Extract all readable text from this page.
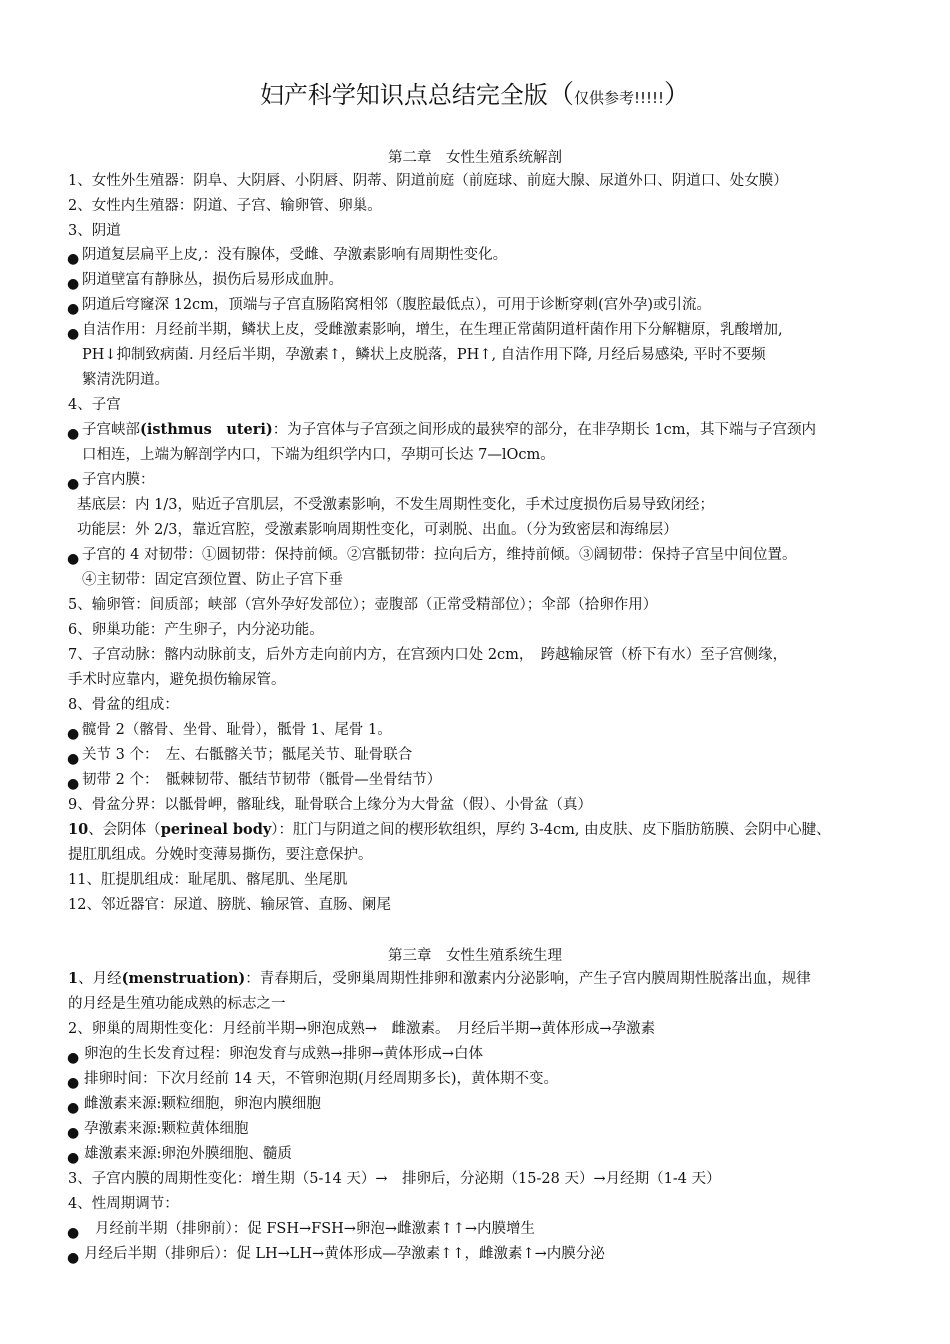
妇产科学知识点总结完全版（仅供参考!!!!!）
第二章　女性生殖系统解剖
1、女性外生殖器：阴阜、大阴唇、小阴唇、阴蒂、阴道前庭（前庭球、前庭大腺、尿道外口、阴道口、处女膜）
2、女性内生殖器：阴道、子宫、输卵管、卵巢。
3、阴道
● 阴道复层扁平上皮,：没有腺体，受雌、孕激素影响有周期性变化。
● 阴道壁富有静脉丛，损伤后易形成血肿。
● 阴道后穹窿深 12cm，顶端与子宫直肠陷窝相邻（腹腔最低点），可用于诊断穿刺(宫外孕)或引流。
● 自洁作用：月经前半期，鳞状上皮，受雌激素影响，增生，在生理正常菌阴道杆菌作用下分解糖原，乳酸增加,
PH↓抑制致病菌. 月经后半期，孕激素↑，鳞状上皮脱落，PH↑, 自洁作用下降, 月经后易感染, 平时不要频
繁清洗阴道。
4、子宫
● 子宫峡部(isthmus　uteri)：为子宫体与子宫颈之间形成的最狭窄的部分，在非孕期长 1cm，其下端与子宫颈内
口相连，上端为解剖学内口，下端为组织学内口，孕期可长达 7—lOcm。
● 子宫内膜：
基底层：内 1/3，贴近子宫肌层，不受激素影响，不发生周期性变化，手术过度损伤后易导致闭经；
功能层：外 2/3，靠近宫腔，受激素影响周期性变化，可剥脱、出血。（分为致密层和海绵层）
● 子宫的 4 对韧带：①圆韧带：保持前倾。②宫骶韧带：拉向后方，维持前倾。③阔韧带：保持子宫呈中间位置。
④主韧带：固定宫颈位置、防止子宫下垂
5、输卵管：间质部；峡部（宫外孕好发部位）；壶腹部（正常受精部位）；伞部（拾卵作用）
6、卵巢功能：产生卵子，内分泌功能。
7、子宫动脉：髂内动脉前支，后外方走向前内方，在宫颈内口处 2cm，　跨越输尿管（桥下有水）至子宫侧缘，
手术时应靠内，避免损伤输尿管。
8、骨盆的组成：
● 髋骨 2（髂骨、坐骨、耻骨），骶骨 1、尾骨 1。
● 关节 3 个：　左、右骶髂关节；骶尾关节、耻骨联合
● 韧带 2 个：　骶棘韧带、骶结节韧带（骶骨—坐骨结节）
9、骨盆分界：以骶骨岬，髂耻线，耻骨联合上缘分为大骨盆（假）、小骨盆（真）
10、会阴体（perineal body）：肛门与阴道之间的楔形软组织，厚约 3-4cm, 由皮肤、皮下脂肪筋膜、会阴中心腱、
提肛肌组成。分娩时变薄易撕伤，要注意保护。
11、肛提肌组成：耻尾肌、髂尾肌、坐尾肌
12、邻近器官：尿道、膀胱、输尿管、直肠、阑尾
第三章　女性生殖系统生理
1、月经(menstruation)：青春期后，受卵巢周期性排卵和激素内分泌影响，产生子宫内膜周期性脱落出血，规律
的月经是生殖功能成熟的标志之一
2、卵巢的周期性变化：月经前半期→卵泡成熟→　雌激素。　月经后半期→黄体形成→孕激素
● 卵泡的生长发育过程：卵泡发育与成熟→排卵→黄体形成→白体
● 排卵时间：下次月经前 14 天，不管卵泡期(月经周期多长)，黄体期不变。
● 雌激素来源:颗粒细胞，卵泡内膜细胞
● 孕激素来源:颗粒黄体细胞
● 雄激素来源:卵泡外膜细胞、髓质
3、子宫内膜的周期性变化：增生期（5-14 天）→　排卵后，分泌期（15-28 天）→月经期（1-4 天）
4、性周期调节：
● 月经前半期（排卵前）：促 FSH→FSH→卵泡→雌激素↑↑→内膜增生
● 月经后半期（排卵后）：促 LH→LH→黄体形成—孕激素↑↑，雌激素↑→内膜分泌
